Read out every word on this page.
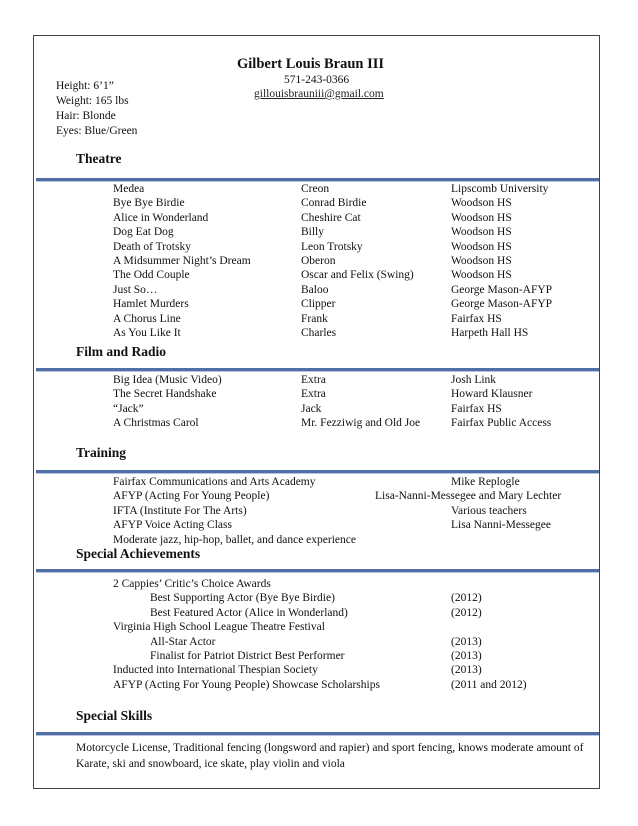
Gilbert Louis Braun III
571-243-0366
gillouisbrauniii@gmail.com
Height: 6’1”
Weight: 165 lbs
Hair: Blonde
Eyes: Blue/Green
Theatre
Film and Radio
Training
Special Achievements
Special Skills
Medea	Creon	Lipscomb University
Bye Bye Birdie	Conrad Birdie	Woodson HS
Alice in Wonderland	Cheshire Cat	Woodson HS
Dog Eat Dog	Billy	Woodson HS
Death of Trotsky	Leon Trotsky	Woodson HS
A Midsummer Night’s Dream	Oberon	Woodson HS
The Odd Couple	Oscar and Felix (Swing)	Woodson HS
Just So…	Baloo	George Mason-AFYP
Hamlet Murders	Clipper	George Mason-AFYP
A Chorus Line	Frank	Fairfax HS
As You Like It	Charles	Harpeth Hall HS
Big Idea (Music Video)	Extra	Josh Link
The Secret Handshake	Extra	Howard Klausner
“Jack”	Jack	Fairfax HS
A Christmas Carol	Mr. Fezziwig and Old Joe	Fairfax Public Access
Fairfax Communications and Arts Academy	Mike Replogle
AFYP (Acting For Young People)	Lisa-Nanni-Messegee and Mary Lechter
IFTA (Institute For The Arts)	Various teachers
AFYP Voice Acting Class	Lisa Nanni-Messegee
Moderate jazz, hip-hop, ballet, and dance experience
2 Cappies’ Critic’s Choice Awards
Best Supporting Actor (Bye Bye Birdie)	(2012)
Best Featured Actor (Alice in Wonderland)	(2012)
Virginia High School League Theatre Festival
All-Star Actor	(2013)
Finalist for Patriot District Best Performer	(2013)
Inducted into International Thespian Society	(2013)
AFYP (Acting For Young People) Showcase Scholarships	(2011 and 2012)
Motorcycle License, Traditional fencing (longsword and rapier) and sport fencing, knows moderate amount of Karate, ski and snowboard, ice skate, play violin and viola
